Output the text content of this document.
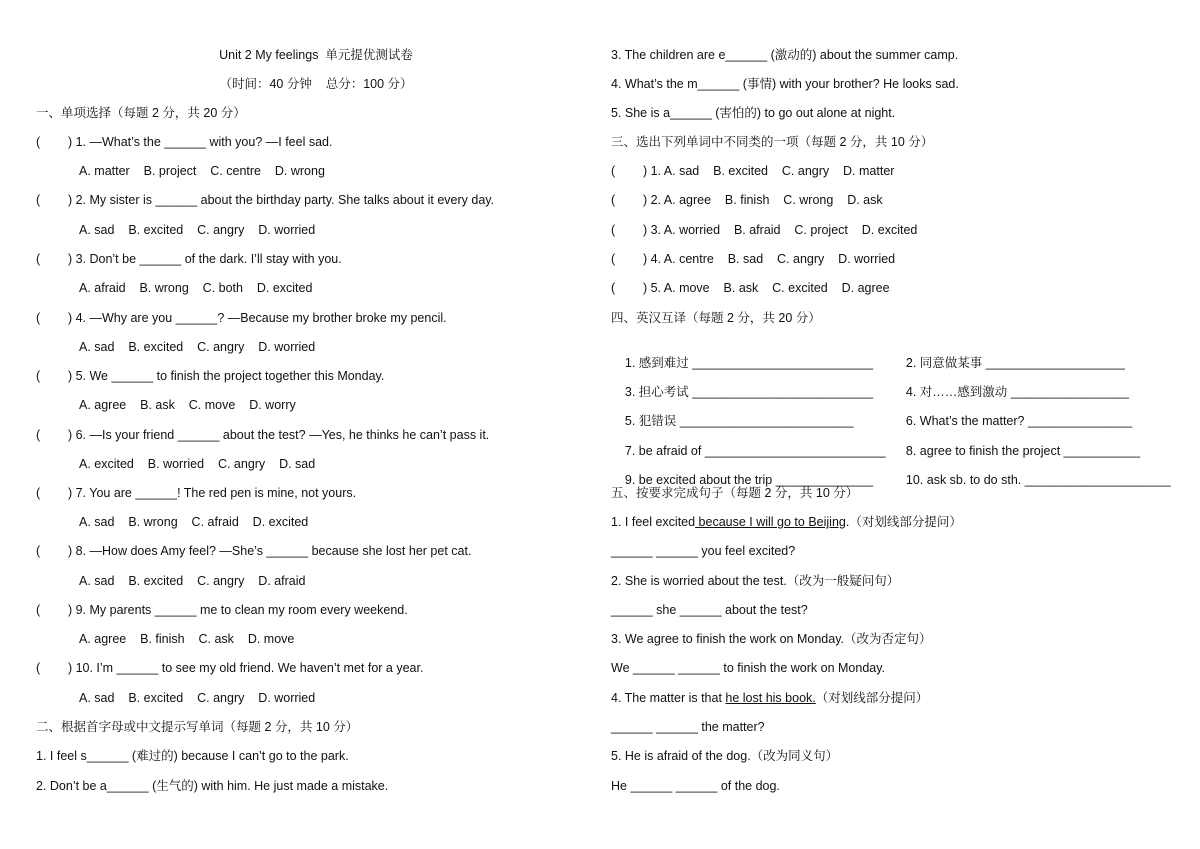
Unit 2 My feelings  单元提优测试卷
（时间：40 分钟    总分：100 分）
一、单项选择（每题 2 分，共 20 分）
(        ) 1. —What’s the ______ with you? —I feel sad.
A. matter    B. project    C. centre    D. wrong
(        ) 2. My sister is ______ about the birthday party. She talks about it every day.
A. sad    B. excited    C. angry    D. worried
(        ) 3. Don’t be ______ of the dark. I’ll stay with you.
A. afraid    B. wrong    C. both    D. excited
(        ) 4. —Why are you ______? —Because my brother broke my pencil.
A. sad    B. excited    C. angry    D. worried
(        ) 5. We ______ to finish the project together this Monday.
A. agree    B. ask    C. move    D. worry
(        ) 6. —Is your friend ______ about the test? —Yes, he thinks he can’t pass it.
A. excited    B. worried    C. angry    D. sad
(        ) 7. You are ______! The red pen is mine, not yours.
A. sad    B. wrong    C. afraid    D. excited
(        ) 8. —How does Amy feel? —She’s ______ because she lost her pet cat.
A. sad    B. excited    C. angry    D. afraid
(        ) 9. My parents ______ me to clean my room every weekend.
A. agree    B. finish    C. ask    D. move
(        ) 10. I’m ______ to see my old friend. We haven’t met for a year.
A. sad    B. excited    C. angry    D. worried
二、根据首字母或中文提示写单词（每题 2 分，共 10 分）
1. I feel s______ (难过的) because I can’t go to the park.
2. Don’t be a______ (生气的) with him. He just made a mistake.
3. The children are e______ (激动的) about the summer camp.
4. What’s the m______ (事情) with your brother? He looks sad.
5. She is a______ (害怕的) to go out alone at night.
三、选出下列单词中不同类的一项（每题 2 分，共 10 分）
(        ) 1. A. sad    B. excited    C. angry    D. matter
(        ) 2. A. agree    B. finish    C. wrong    D. ask
(        ) 3. A. worried    B. afraid    C. project    D. excited
(        ) 4. A. centre    B. sad    C. angry    D. worried
(        ) 5. A. move    B. ask    C. excited    D. agree
四、英汉互译（每题 2 分，共 20 分）

1. 感到难过 __________________________	2. 同意做某事 ____________________

3. 担心考试 __________________________	4. 对……感到激动 _________________

5. 犯错误 _________________________	6. What’s the matter? _______________

7. be afraid of __________________________ 8. agree to finish the project ___________

9. be excited about the trip ______________	10. ask sb. to do sth. _____________________

五、按要求完成句子（每题 2 分，共 10 分）
1. I feel excited because I will go to Beijing.（对划线部分提问）
______ ______ you feel excited?
2. She is worried about the test.（改为一般疑问句）
______ she ______ about the test?
3. We agree to finish the work on Monday.（改为否定句）
We ______ ______ to finish the work on Monday.
4. The matter is that he lost his book.（对划线部分提问）
______ ______ the matter?
5. He is afraid of the dog.（改为同义句）
He ______ ______ of the dog.
